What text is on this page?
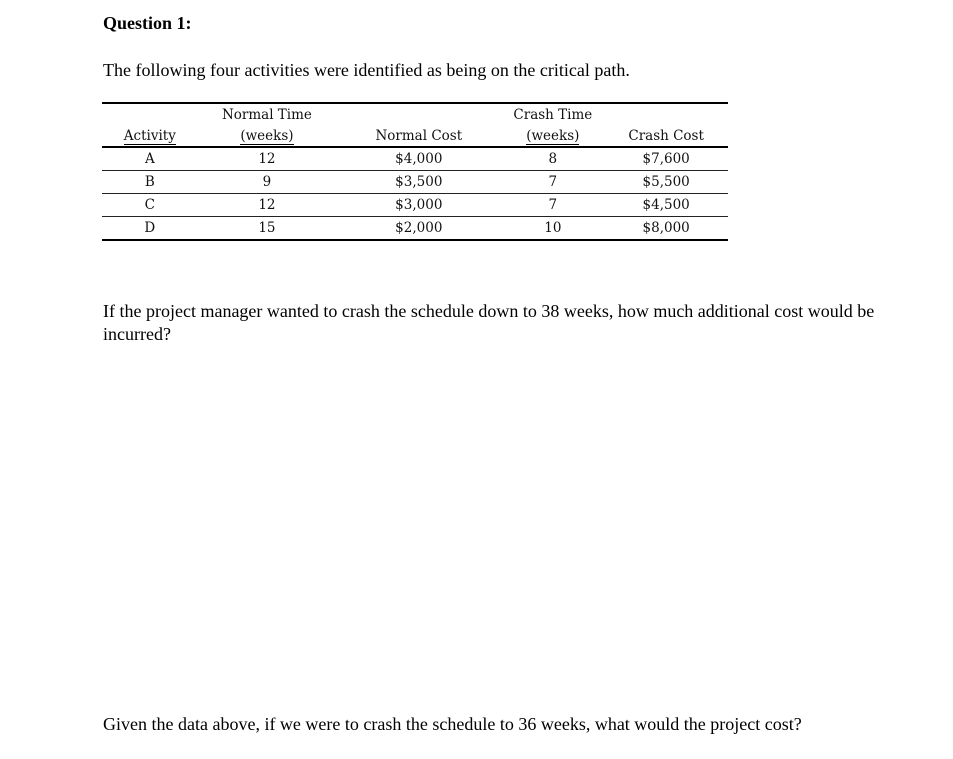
Question 1:

The following four activities were identified as being on the critical path.

	Normal Time		Crash Time	
Activity	(weeks)	Normal Cost	(weeks)	Crash Cost
A	12	$4,000	8	$7,600
B	9	$3,500	7	$5,500
C	12	$3,000	7	$4,500
D	15	$2,000	10	$8,000

If the project manager wanted to crash the schedule down to 38 weeks, how much additional cost would be incurred?

Given the data above, if we were to crash the schedule to 36 weeks, what would the project cost?
